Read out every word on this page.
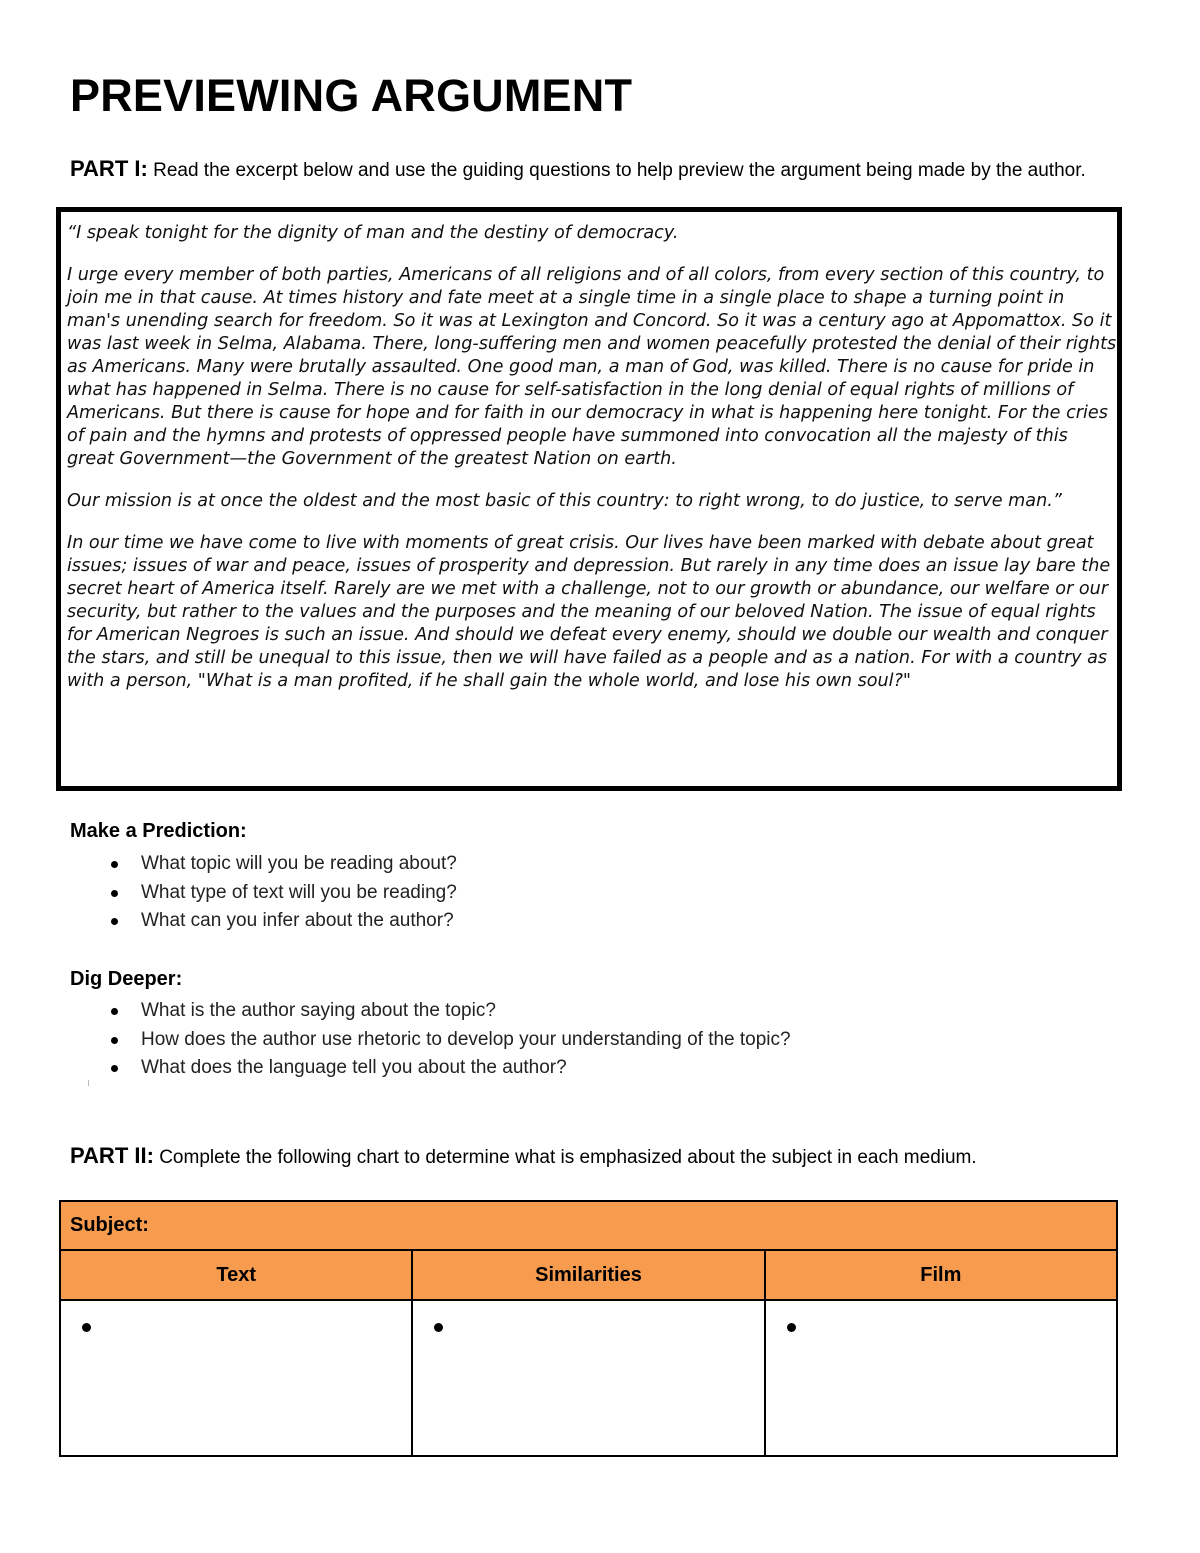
PREVIEWING ARGUMENT
PART I: Read the excerpt below and use the guiding questions to help preview the argument being made by the author.

“I speak tonight for the dignity of man and the destiny of democracy.

I urge every member of both parties, Americans of all religions and of all colors, from every section of this country, to join me in that cause. At times history and fate meet at a single time in a single place to shape a turning point in man's unending search for freedom. So it was at Lexington and Concord. So it was a century ago at Appomattox. So it was last week in Selma, Alabama. There, long-suffering men and women peacefully protested the denial of their rights as Americans. Many were brutally assaulted. One good man, a man of God, was killed. There is no cause for pride in what has happened in Selma. There is no cause for self-satisfaction in the long denial of equal rights of millions of Americans. But there is cause for hope and for faith in our democracy in what is happening here tonight. For the cries of pain and the hymns and protests of oppressed people have summoned into convocation all the majesty of this great Government—the Government of the greatest Nation on earth.

Our mission is at once the oldest and the most basic of this country: to right wrong, to do justice, to serve man.”

In our time we have come to live with moments of great crisis. Our lives have been marked with debate about great issues; issues of war and peace, issues of prosperity and depression. But rarely in any time does an issue lay bare the secret heart of America itself. Rarely are we met with a challenge, not to our growth or abundance, our welfare or our security, but rather to the values and the purposes and the meaning of our beloved Nation. The issue of equal rights for American Negroes is such an issue. And should we defeat every enemy, should we double our wealth and conquer the stars, and still be unequal to this issue, then we will have failed as a people and as a nation. For with a country as with a person, "What is a man profited, if he shall gain the whole world, and lose his own soul?"

Make a Prediction:
What topic will you be reading about?
What type of text will you be reading?
What can you infer about the author?
Dig Deeper:
What is the author saying about the topic?
How does the author use rhetoric to develop your understanding of the topic?
What does the language tell you about the author?
PART II: Complete the following chart to determine what is emphasized about the subject in each medium.
Subject:		
Text	Similarities	Film
